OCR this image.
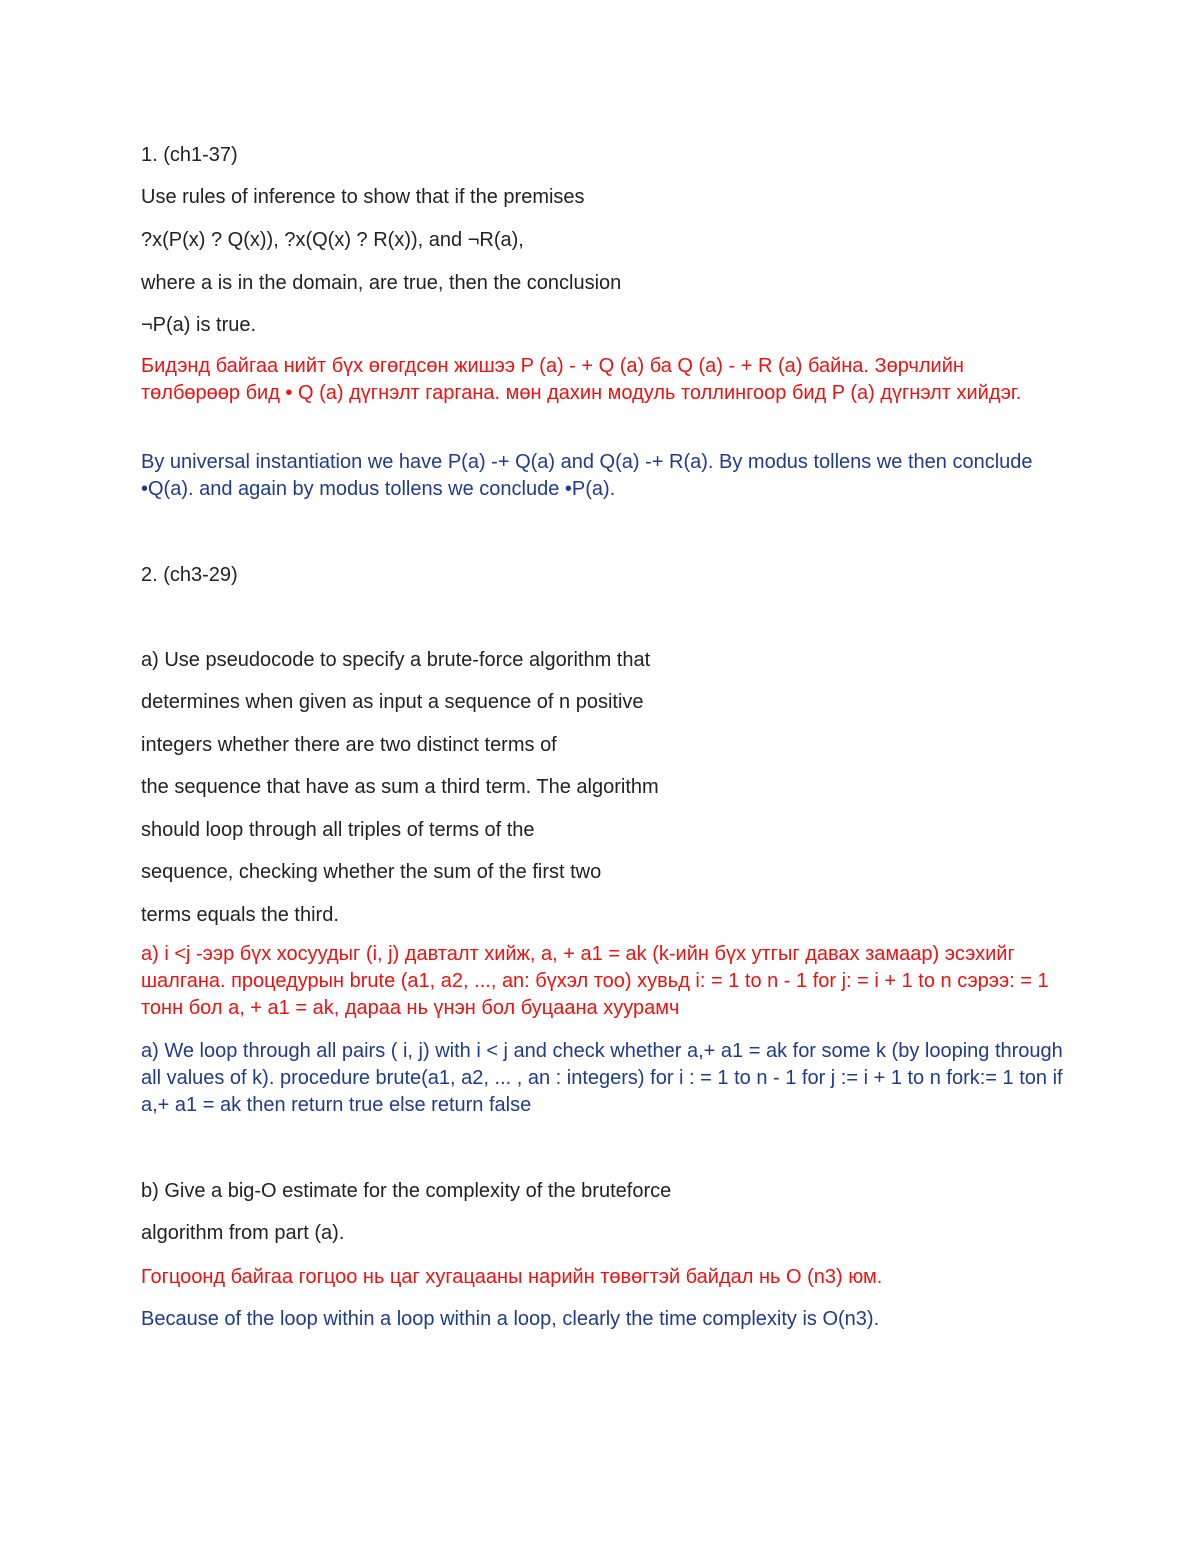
1. (ch1-37)
Use rules of inference to show that if the premises
?x(P(x) ? Q(x)), ?x(Q(x) ? R(x)), and ¬R(a),
where a is in the domain, are true, then the conclusion
¬P(a) is true.
Бидэнд байгаа нийт бүх өгөгдсөн жишээ P (a) - + Q (a) ба Q (a) - + R (a) байна. Зөрчлийн төлбөрөөр бид • Q (a) дүгнэлт гаргана. мөн дахин модуль толлингоор бид P (a) дүгнэлт хийдэг.
By universal instantiation we have P(a) -+ Q(a) and Q(a) -+ R(a). By modus tollens we then conclude •Q(a). and again by modus tollens we conclude •P(a).
2. (ch3-29)
a) Use pseudocode to specify a brute-force algorithm that
determines when given as input a sequence of n positive
integers whether there are two distinct terms of
the sequence that have as sum a third term. The algorithm
should loop through all triples of terms of the
sequence, checking whether the sum of the first two
terms equals the third.
a) i <j -ээр бүх хосуудыг (i, j) давталт хийж, a, + a1 = ak (k-ийн бүх утгыг давах замаар) эсэхийг шалгана. процедурын brute (a1, a2, ..., an: бүхэл тоо) хувьд i: = 1 to n - 1 for j: = i + 1 to n сэрээ: = 1 тонн бол a, + a1 = ak, дараа нь үнэн бол буцаана хуурамч
a) We loop through all pairs ( i, j) with i < j and check whether a,+ a1 = ak for some k (by looping through all values of k). procedure brute(a1, a2, ... , an : integers) for i : = 1 to n - 1 for j := i + 1 to n fork:= 1 ton if a,+ a1 = ak then return true else return false
b) Give a big-O estimate for the complexity of the bruteforce
algorithm from part (a).
Гогцоонд байгаа гогцоо нь цаг хугацааны нарийн төвөгтэй байдал нь O (n3) юм.
Because of the loop within a loop within a loop, clearly the time complexity is O(n3).
